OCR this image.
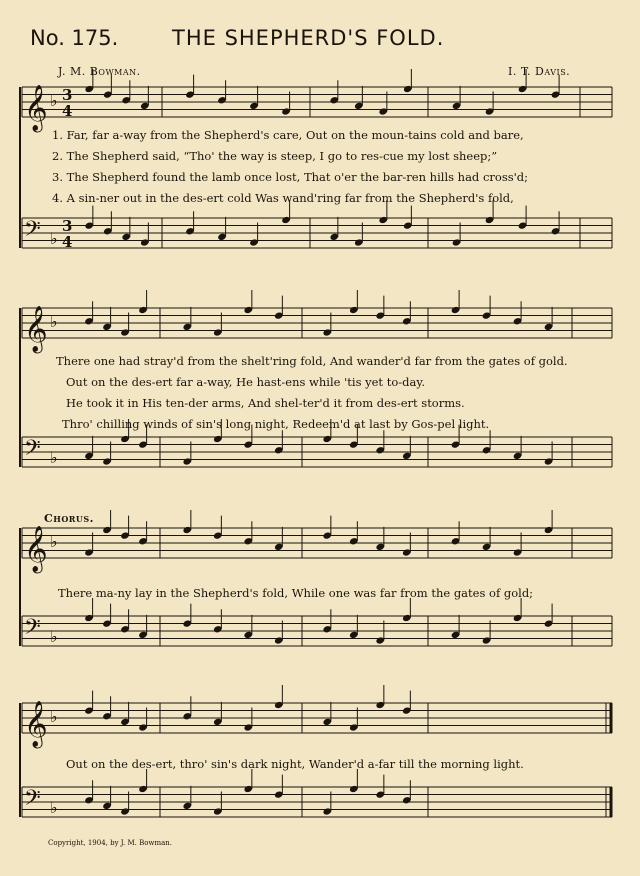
No. 175.	THE SHEPHERD'S FOLD.
J. M. Bowman.	I. T. Davis.
1. Far, far a-way from the Shepherd's care, Out on the moun-tains cold and bare,
2. The Shepherd said, “Tho' the way is steep, I go to res-cue my lost sheep;”
3. The Shepherd found the lamb once lost, That o'er the bar-ren hills had cross'd;
4. A sin-ner out in the des-ert cold Was wand'ring far from the Shepherd's fold,
There one had stray'd from the shelt'ring fold, And wander'd far from the gates of gold.
Out on the des-ert far a-way, He hast-ens while 'tis yet to-day.
He took it in His ten-der arms, And shel-ter'd it from des-ert storms.
Thro' chilling winds of sin's long night, Redeem'd at last by Gos-pel light.
Chorus.
There ma-ny lay in the Shepherd's fold, While one was far from the gates of gold;
Out on the des-ert, thro' sin's dark night, Wander'd a-far till the morning light.
Copyright, 1904, by J. M. Bowman.
𝄞 ♭
𝄢 ♭
𝄞 ♭
𝄢 ♭
𝄞 ♭
𝄢 ♭
𝄞 ♭
𝄢 ♭
3
4
3
4
